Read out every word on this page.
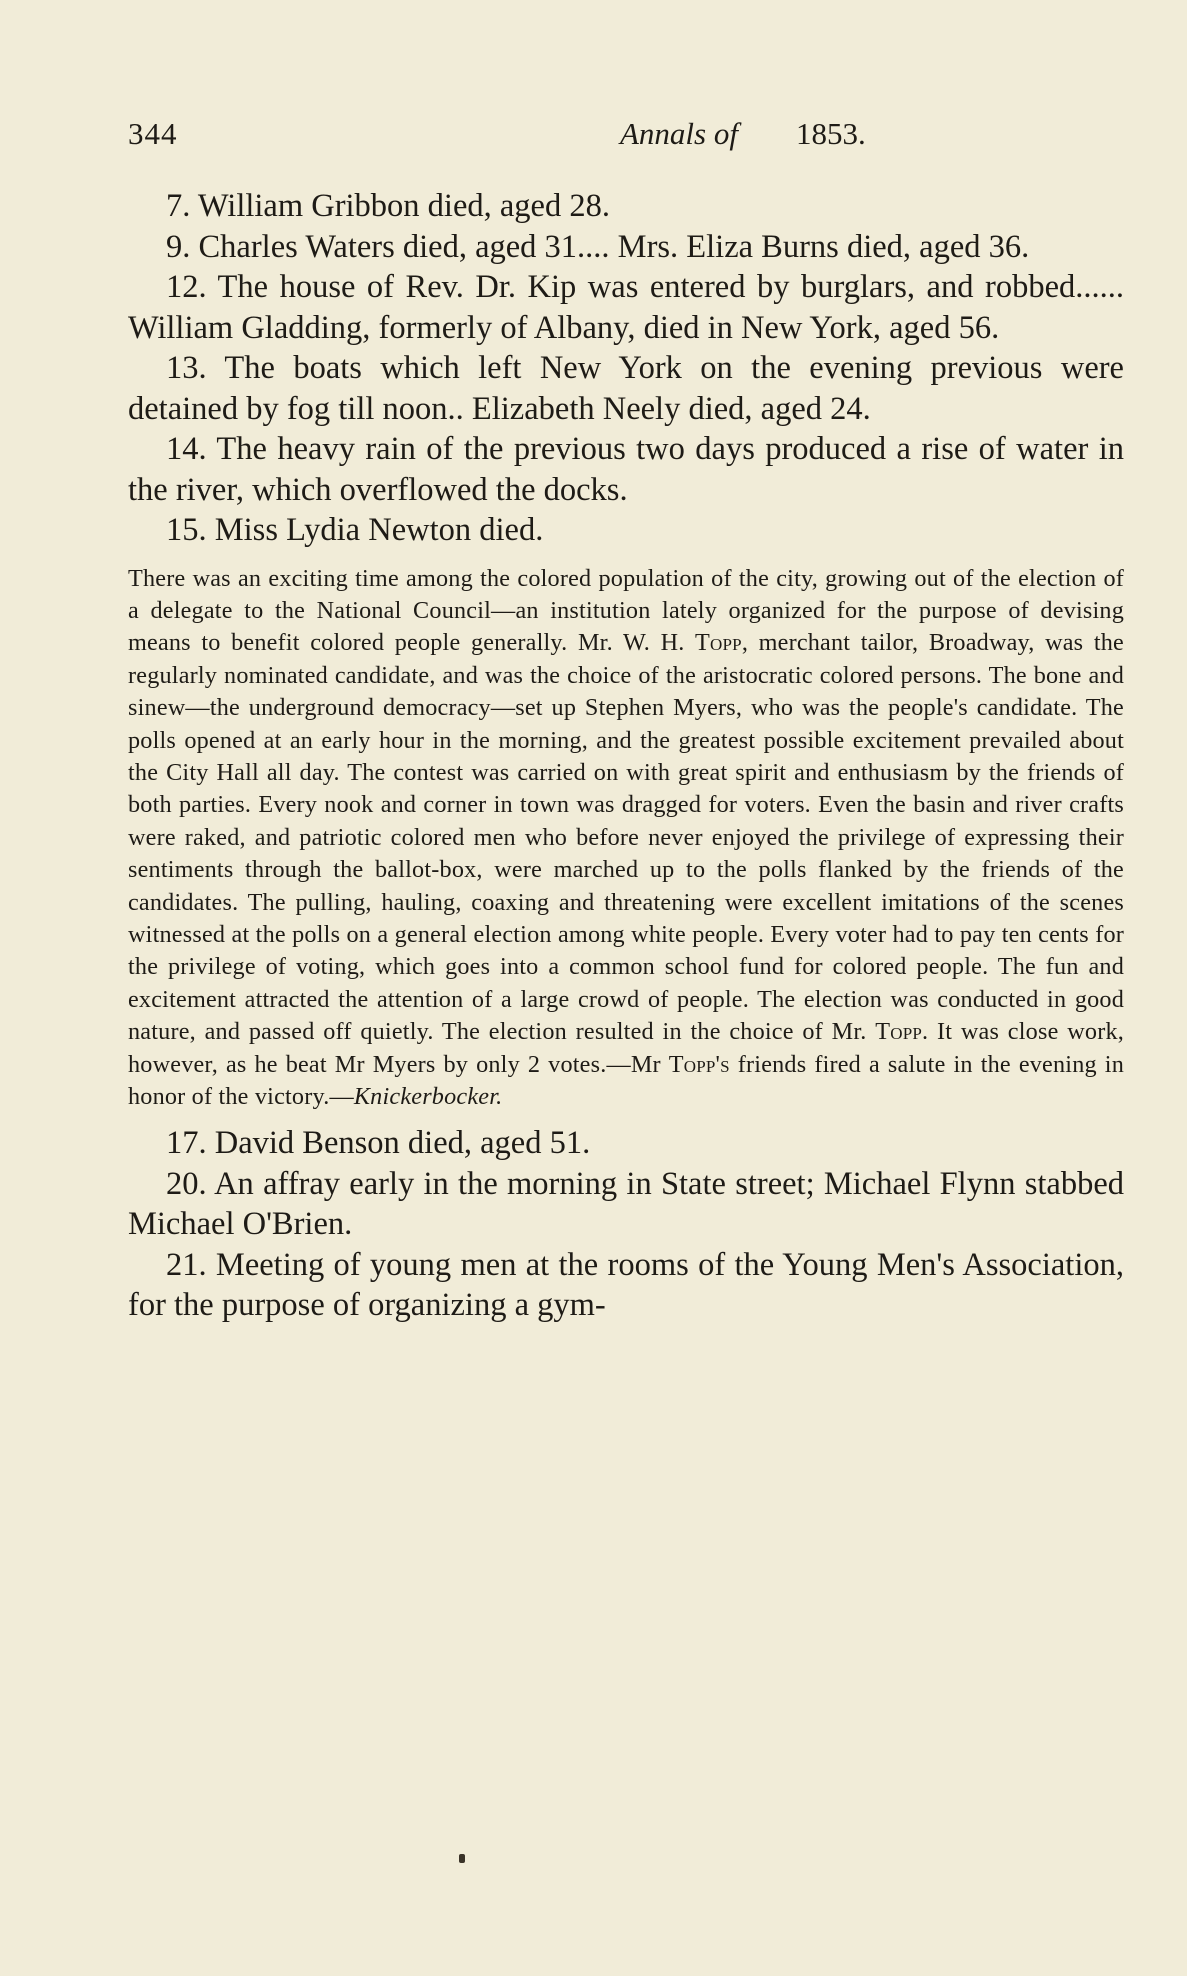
344	Annals of 1853.

7. William Gribbon died, aged 28.

9. Charles Waters died, aged 31.... Mrs. Eliza Burns died, aged 36.

12. The house of Rev. Dr. Kip was entered by burglars, and robbed...... William Gladding, formerly of Albany, died in New York, aged 56.

13. The boats which left New York on the evening previous were detained by fog till noon.. Elizabeth Neely died, aged 24.

14. The heavy rain of the previous two days produced a rise of water in the river, which overflowed the docks.

15. Miss Lydia Newton died.

There was an exciting time among the colored population of the city, growing out of the election of a delegate to the National Council—an institution lately organized for the purpose of devising means to benefit colored people generally. Mr. W. H. Topp, merchant tailor, Broadway, was the regularly nominated candidate, and was the choice of the aristocratic colored persons. The bone and sinew—the underground democracy—set up Stephen Myers, who was the people's candidate. The polls opened at an early hour in the morning, and the greatest possible excitement prevailed about the City Hall all day. The contest was carried on with great spirit and enthusiasm by the friends of both parties. Every nook and corner in town was dragged for voters. Even the basin and river crafts were raked, and patriotic colored men who before never enjoyed the privilege of expressing their sentiments through the ballot-box, were marched up to the polls flanked by the friends of the candidates. The pulling, hauling, coaxing and threatening were excellent imitations of the scenes witnessed at the polls on a general election among white people. Every voter had to pay ten cents for the privilege of voting, which goes into a common school fund for colored people. The fun and excitement attracted the attention of a large crowd of people. The election was conducted in good nature, and passed off quietly. The election resulted in the choice of Mr. Topp. It was close work, however, as he beat Mr Myers by only 2 votes.—Mr Topp's friends fired a salute in the evening in honor of the victory.—Knickerbocker.

17. David Benson died, aged 51.

20. An affray early in the morning in State street; Michael Flynn stabbed Michael O'Brien.

21. Meeting of young men at the rooms of the Young Men's Association, for the purpose of organizing a gym-
